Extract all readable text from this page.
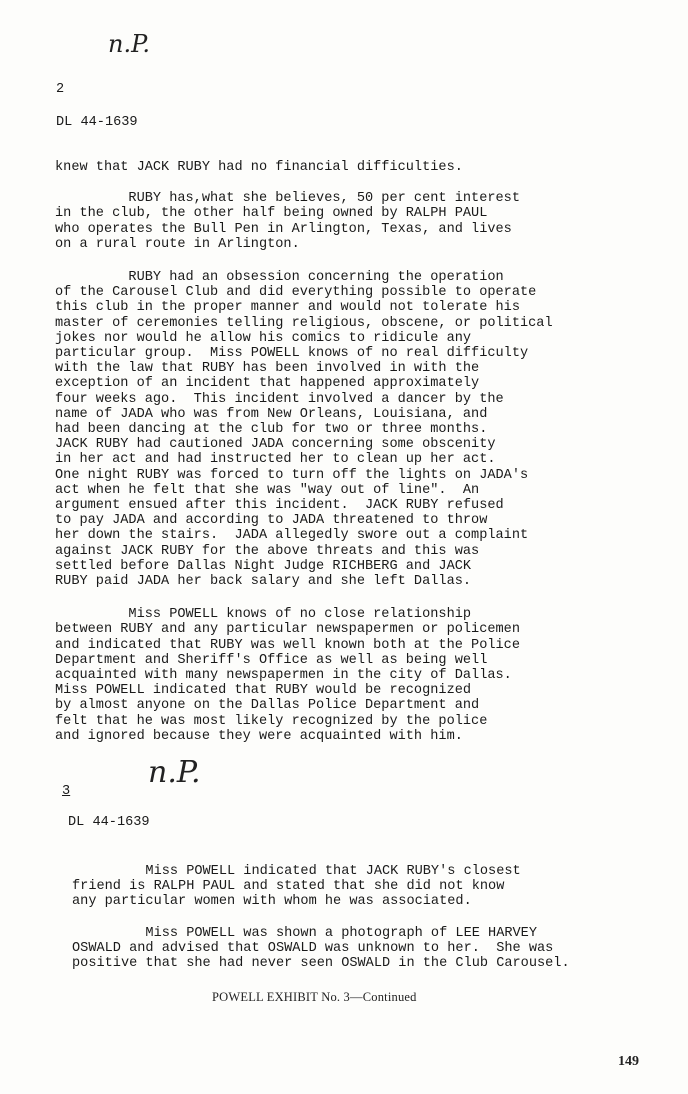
n.P.
2
DL 44-1639
knew that JACK RUBY had no financial difficulties.
RUBY has,what she believes, 50 per cent interest
in the club, the other half being owned by RALPH PAUL
who operates the Bull Pen in Arlington, Texas, and lives
on a rural route in Arlington.
RUBY had an obsession concerning the operation
of the Carousel Club and did everything possible to operate
this club in the proper manner and would not tolerate his
master of ceremonies telling religious, obscene, or political
jokes nor would he allow his comics to ridicule any
particular group.  Miss POWELL knows of no real difficulty
with the law that RUBY has been involved in with the
exception of an incident that happened approximately
four weeks ago.  This incident involved a dancer by the
name of JADA who was from New Orleans, Louisiana, and
had been dancing at the club for two or three months.
JACK RUBY had cautioned JADA concerning some obscenity
in her act and had instructed her to clean up her act.
One night RUBY was forced to turn off the lights on JADA's
act when he felt that she was "way out of line".  An
argument ensued after this incident.  JACK RUBY refused
to pay JADA and according to JADA threatened to throw
her down the stairs.  JADA allegedly swore out a complaint
against JACK RUBY for the above threats and this was
settled before Dallas Night Judge RICHBERG and JACK
RUBY paid JADA her back salary and she left Dallas.
Miss POWELL knows of no close relationship
between RUBY and any particular newspapermen or policemen
and indicated that RUBY was well known both at the Police
Department and Sheriff's Office as well as being well
acquainted with many newspapermen in the city of Dallas.
Miss POWELL indicated that RUBY would be recognized
by almost anyone on the Dallas Police Department and
felt that he was most likely recognized by the police
and ignored because they were acquainted with him.
n.P.
3
DL 44-1639
Miss POWELL indicated that JACK RUBY's closest
friend is RALPH PAUL and stated that she did not know
any particular women with whom he was associated.
Miss POWELL was shown a photograph of LEE HARVEY
OSWALD and advised that OSWALD was unknown to her.  She was
positive that she had never seen OSWALD in the Club Carousel.
POWELL EXHIBIT No. 3—Continued
149
